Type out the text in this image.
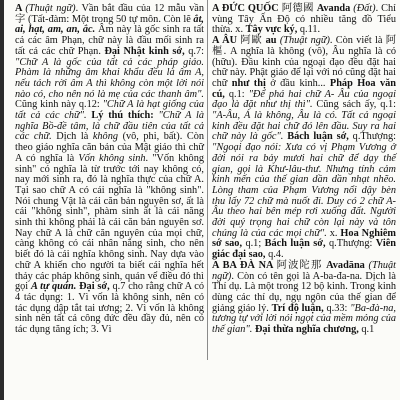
A (Thuật ngữ). Vần bắt đầu của 12 mẫu vần 字 (Tất-đàm: Một trong 50 tự môn. Còn lẽ ắt, ai, hạt, am, an, ắc. Âm này là gốc sinh ra tất cả các âm Phạn, chữ này là đầu mối sinh ra tất cả các chữ Phạn. Đại Nhật kinh sớ, q.7: "Chữ A là gốc của tất cả các pháp giáo. Phàm là những âm khai khẩu đều là âm A, nếu tách rời âm A thì không còn một lời nói nào có, cho nên nó là mẹ của các thanh âm". Cũng kinh này q.12: "Chữ A là hạt giống của tất cả các chữ". Lý thú thích: "Chữ A là nghĩa Bồ-đề tâm, là chữ đầu tiên của tất cả các chữ. Dịch là không (vô, phi, bất). Còn theo giáo nghĩa căn bản của Mật giáo thì chữ A có nghĩa là Vốn không sinh. "Vốn không sinh" có nghĩa là từ trước tới nay không có, nay mới sinh ra, đó là nghĩa thực của chữ A. Tại sao chữ A có cái nghĩa là "không sinh". Nói chung Vật là cái căn bản nguyên sơ, ất là cái "không sinh", phàm sinh ất là cái năng sinh thì không phải là cái căn bản nguyên sơ. Nay chữ A là chữ căn nguyên của mọi chữ, càng không có cái nhân năng sinh, cho nên biết đó là cái nghĩa không sinh. Nay dựa vào chữ A khiến cho người ta biết cái nghĩa hết thảy các pháp không sinh, quán vể điều đó thì gọi A tự quán. Đại sớ, q.7 cho rằng chữ A có 4 tác dụng: 1. Vì vốn là không sinh, nên có tác dụng dập tắt tai ương; 2. Vì vốn là không sinh nên tất cả công đức đều đầy đủ, nên có tác dụng tăng ích; 3. Vì

A ĐỨC QUỐC 阿德國 Avanda (Đất). Chỉ vùng Tây Ấn Độ có nhiều tăng đồ Tiểu thừa. x. Tây vực ký, q.11.

A ÂU 阿歐 au (Thuật ngữ). Còn viết là 阿樞. A nghĩa là không (vô), Âu nghĩa là có (hữu). Đầu kinh của ngoại đạo đều đặt hai chữ này. Phật giáo để lại với nó cũng đặt hai chữ như thị ở đầu kinh... Pháp Hoa văn cú, q.1: "Để phá hai chữ A- Âu của ngoại đạo là đặt như thị thì". Cũng sách ấy, q.1: "A-Âu, Á là không, Âu là có. Tất cả ngoại kinh đều đặt hai chữ đó lên đầu. Suy ra hai chữ này là gốc". Bách luận sớ, q.Thượng: "Ngoại đạo nói: Xưa có vị Phạm Vương ở đời nói ra bảy mươi hai chữ để dạy thế gian, gọi là Khư-lâu-thư. Nhưng tính cảm kinh mến của thế gian dần dần nhạt nhẽo. Lòng tham của Phạm Vương nổi dậy bèn thu lấy 72 chữ mà nuốt đi. Duy có 2 chữ A-Âu theo hai bên mép rơi xuống đất. Người đời quý trọng hai chữ còn lại này và tôn chúng là của các mọi chữ". x. Hoa Nghiêm sớ sao, q.1; Bách luận sớ, q.Thượng: Viên giác đại sao, q.4.

A BA ĐÀ NA 阿波陀那 Avadāna (Thuật ngữ). Còn có tên gọi là A-ba-đa-na. Dịch là Thí dụ. Là một trong 12 bộ kinh. Trong kinh dùng các thí dụ, ngụ ngôn của thế gian để giảng giáo lý. Trí độ luận, q.33: "Ba-đà-na, tương tự với lời nói ngọt của mềm mỏng của thế gian". Đại thừa nghĩa chương, q.1
